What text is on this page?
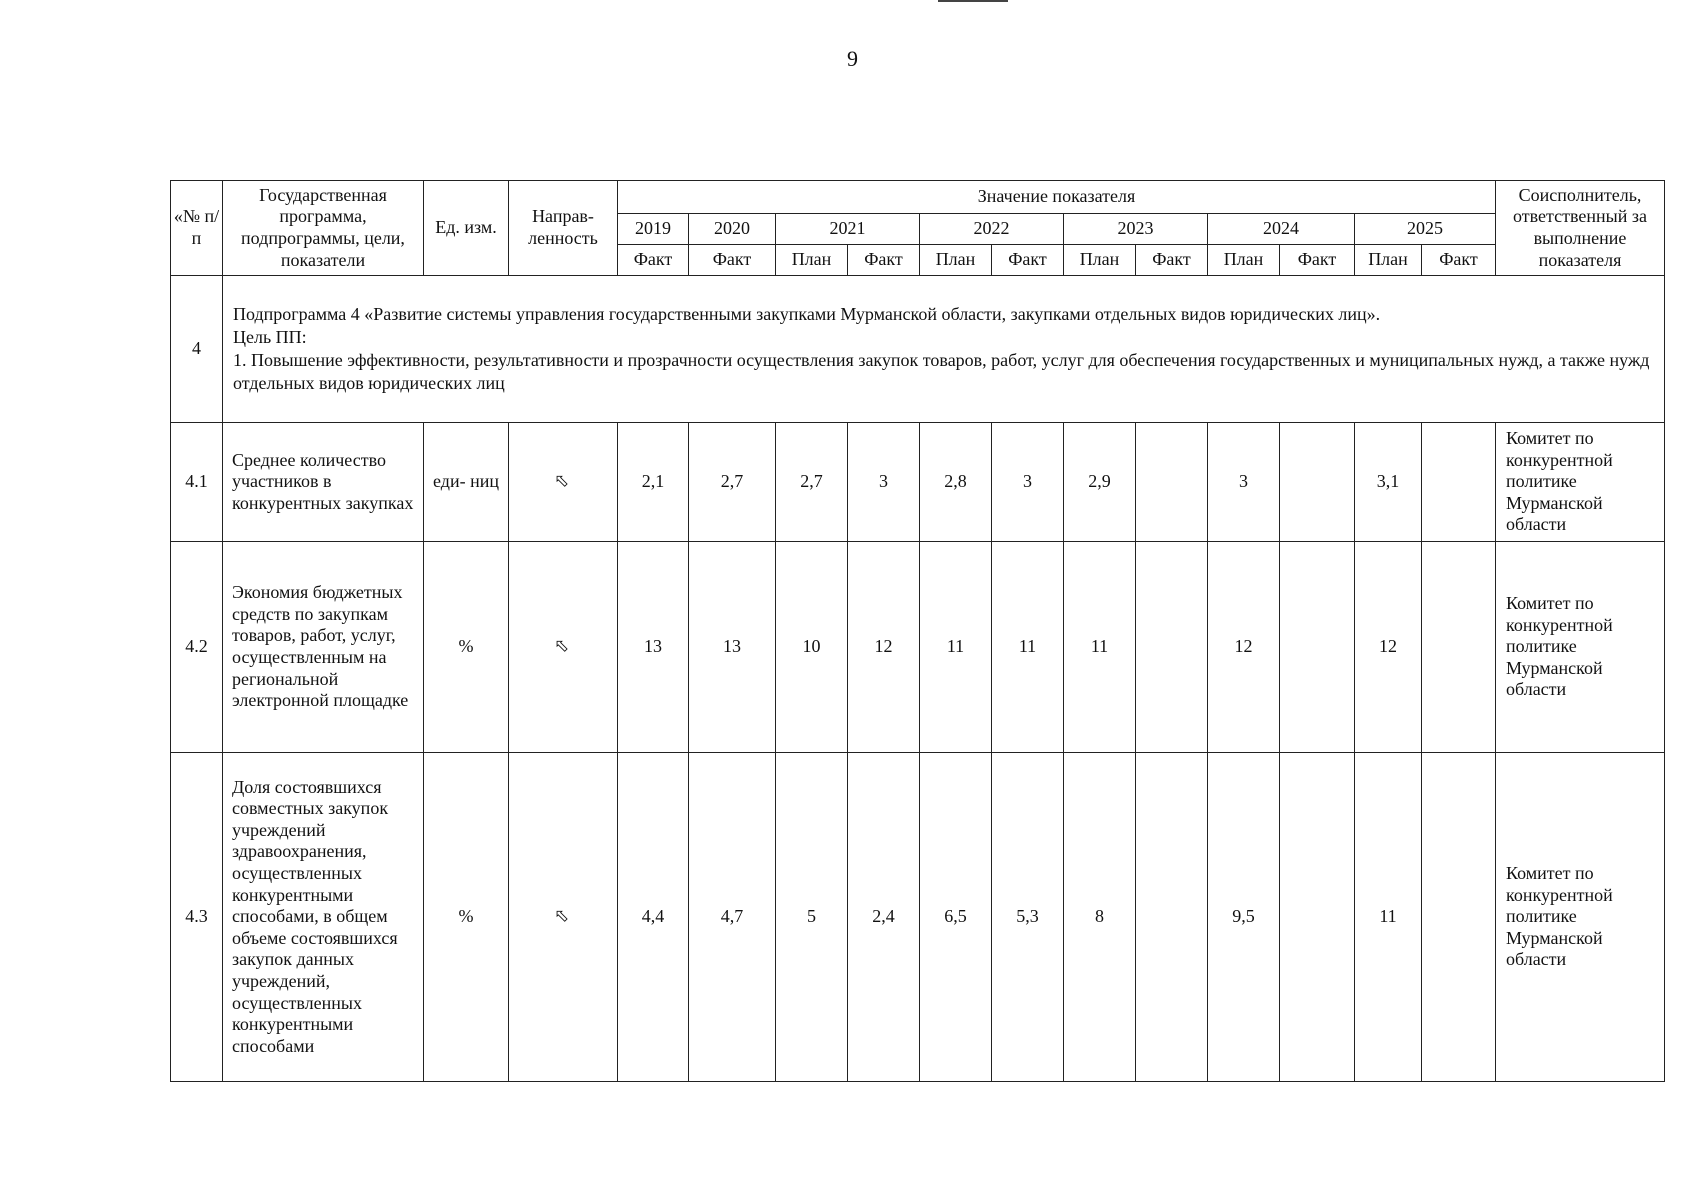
9
«№ п/п	Государственная программа, подпрограммы, цели, показатели	Ед. изм.	Направ- ленность	Значение показателя												Соисполнитель, ответственный за выполнение показателя
				2019	2020	2021		2022		2023		2024		2025		
				Факт	Факт	План	Факт	План	Факт	План	Факт	План	Факт	План	Факт	
4	Подпрограмма 4 «Развитие системы управления государственными закупками Мурманской области, закупками отдельных видов юридических лиц».
Цель ПП:
1. Повышение эффективности, результативности и прозрачности осуществления закупок товаров, работ, услуг для обеспечения государственных и муниципальных нужд, а также нужд отдельных видов юридических лиц															

4.1	Среднее количество участников в конкурентных закупках	еди- ниц	⇧	2,1	2,7	2,7	3	2,8	3	2,9		3		3,1		Комитет по конкурентной политике Мурманской области
4.2	Экономия бюджетных средств по закупкам товаров, работ, услуг, осуществленным на региональной электронной площадке	%	⇧	13	13	10	12	11	11	11		12		12		Комитет по конкурентной политике Мурманской области
4.3	Доля состоявшихся совместных закупок учреждений здравоохранения, осуществленных конкурентными способами, в общем объеме состоявшихся закупок данных учреждений, осуществленных конкурентными способами	%	⇧	4,4	4,7	5	2,4	6,5	5,3	8		9,5		11		Комитет по конкурентной политике Мурманской области
